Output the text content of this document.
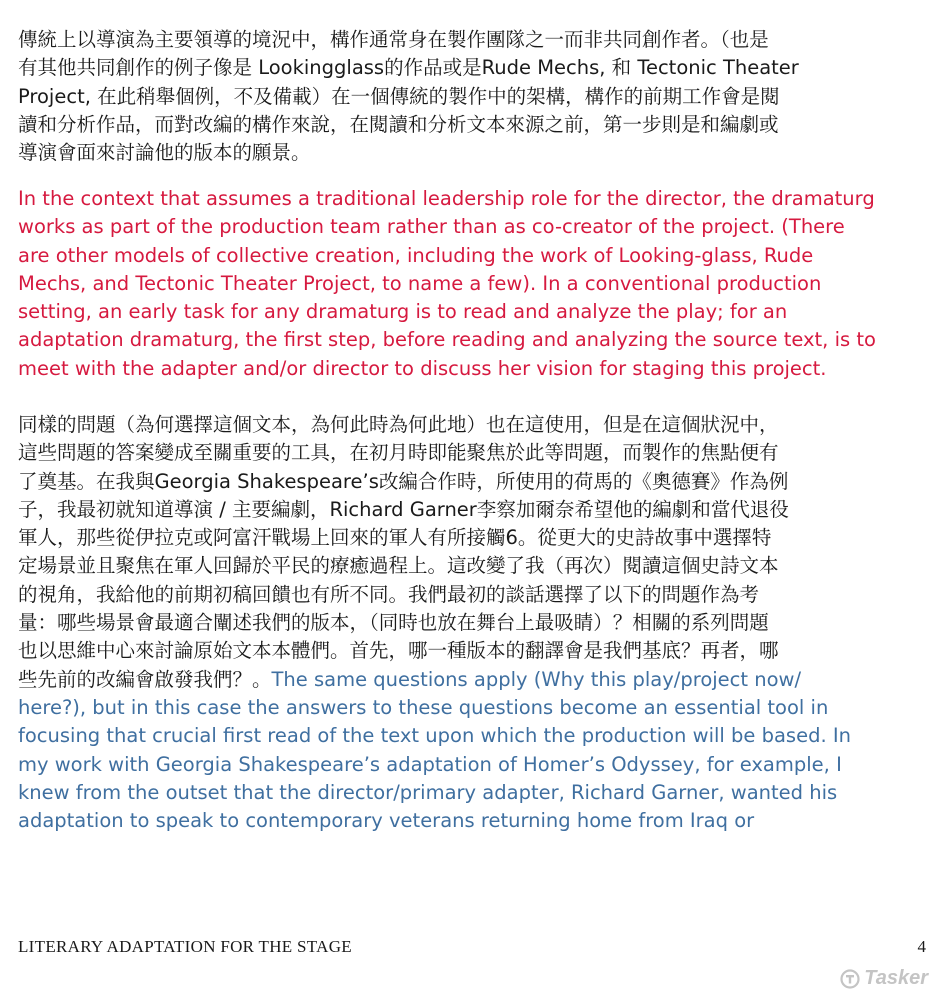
傳統上以導演為主要領導的境況中，構作通常身在製作團隊之一而非共同創作者。（也是
有其他共同創作的例子像是 Lookingglass的作品或是Rude Mechs, 和 Tectonic Theater
Project, 在此稍舉個例，不及備載）在一個傳統的製作中的架構，構作的前期工作會是閱
讀和分析作品，而對改編的構作來說，在閱讀和分析文本來源之前，第一步則是和編劇或
導演會面來討論他的版本的願景。

In the context that assumes a traditional leadership role for the director, the dramaturg
works as part of the production team rather than as co-creator of the project. (There
are other models of collective creation, including the work of Looking-glass, Rude
Mechs, and Tectonic Theater Project, to name a few). In a conventional production
setting, an early task for any dramaturg is to read and analyze the play; for an
adaptation dramaturg, the first step, before reading and analyzing the source text, is to
meet with the adapter and/or director to discuss her vision for staging this project.

同樣的問題（為何選擇這個文本，為何此時為何此地）也在這使用，但是在這個狀況中，
這些問題的答案變成至關重要的工具，在初月時即能聚焦於此等問題，而製作的焦點便有
了奠基。在我與Georgia Shakespeare’s改編合作時，所使用的荷馬的《奧德賽》作為例
子，我最初就知道導演 / 主要編劇，Richard Garner李察加爾奈希望他的編劇和當代退役
軍人，那些從伊拉克或阿富汗戰場上回來的軍人有所接觸6。從更大的史詩故事中選擇特
定場景並且聚焦在軍人回歸於平民的療癒過程上。這改變了我（再次）閱讀這個史詩文本
的視角，我給他的前期初稿回饋也有所不同。我們最初的談話選擇了以下的問題作為考
量：哪些場景會最適合闡述我們的版本，（同時也放在舞台上最吸睛）？相關的系列問題
也以思維中心來討論原始文本本體們。首先，哪一種版本的翻譯會是我們基底？再者，哪
些先前的改編會啟發我們？。The same questions apply (Why this play/project now/
here?), but in this case the answers to these questions become an essential tool in
focusing that crucial first read of the text upon which the production will be based. In
my work with Georgia Shakespeare’s adaptation of Homer’s Odyssey, for example, I
knew from the outset that the director/primary adapter, Richard Garner, wanted his
adaptation to speak to contemporary veterans returning home from Iraq or

LITERARY ADAPTATION FOR THE STAGE	4
Tasker
